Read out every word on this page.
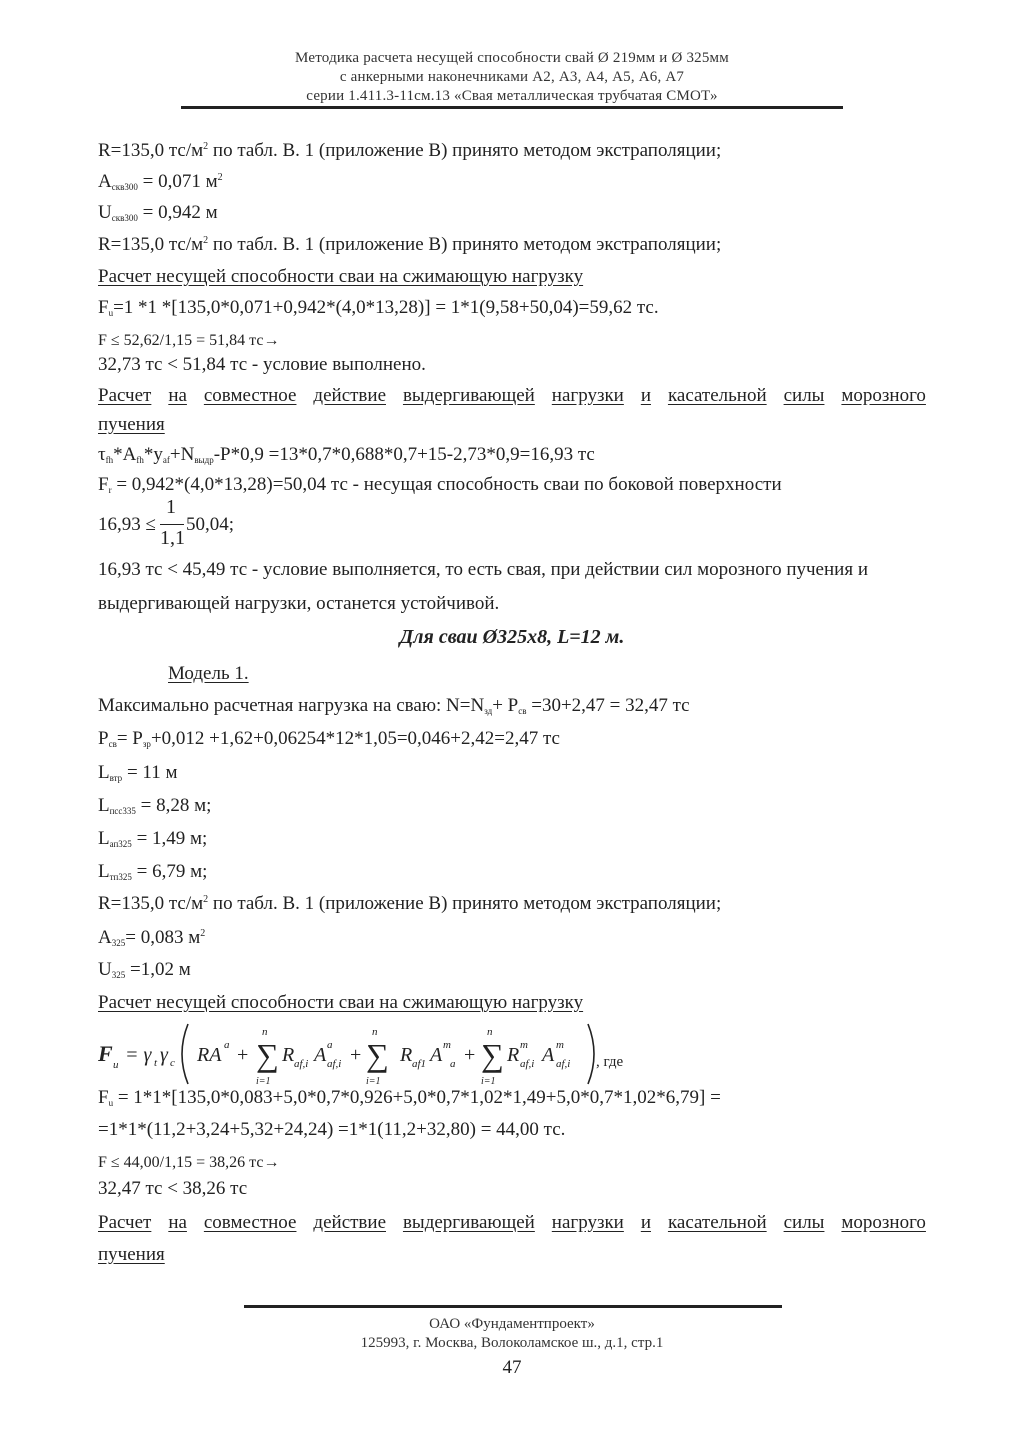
Методика расчета несущей способности свай Ø 219мм и Ø 325мм
с анкерными наконечниками А2, А3, А4, А5, А6, А7
серии 1.411.3-11см.13 «Свая металлическая трубчатая СМОТ»
R=135,0 $тс/м^2$ по табл. В. 1 (приложение В) принято методом экстраполяции;
$A_{скв300} = 0,071$ $м^2$
$U_{скв300} = 0,942$ м
R=135,0 $тс/м^2$ по табл. В. 1 (приложение В) принято методом экстраполяции;
Расчет несущей способности сваи на сжимающую нагрузку
$F_u=1$ *1 *[135,0*0,071+0,942*(4,0*13,28)] = 1*1(9,58+50,04)=59,62 тс.
F ≤ 52,62/1,15 = 51,84 тс→
32,73 тс < 51,84 тс - условие выполнено.
Расчет на совместное действие выдергивающей нагрузки и касательной силы морозного
пучения
$\tau_{fh}*A_{fh}*y_{af}+N_{выдр}-P*0,9 =13*0,7*0,688*0,7+15-2,73*0,9=16,93$ тс
$F_r = 0,942*(4,0*13,28)=50,04$ тс - несущая способность сваи по боковой поверхности
16,93 ≤
1
1,1
50,04;
16,93 тс < 45,49 тс - условие выполняется, то есть свая, при действии сил морозного пучения и
выдергивающей нагрузки, останется устойчивой.
Для сваи Ø325х8, L=12 м.
Модель 1.
Максимально расчетная нагрузка на сваю: $N=N_{зд}+ P_{св} =30+2,47 = 32,47$ тс
$P_{св}= P_{зр}+0,012 +1,62+0,06254*12*1,05=0,046+2,42=2,47$ тс
$L_{втр} = 11$ м
$L_{псс335} = 8,28$ м;
$L_{ап325} = 1,49$ м;
$L_{тп325} = 6,79$ м;
R=135,0 $тс/м^2$ по табл. В. 1 (приложение В) принято методом экстраполяции;
$A_{325}= 0,083$ $м^2$
$U_{325} =1,02$ м
Расчет несущей способности сваи на сжимающую нагрузку
F u = γ t γ c RA a + ∑
n
i=1
R af,i A a
af,i + ∑
n
i=1
R af1 A m
a + ∑
n
i=1
R m
af,i A m
af,i , где
$F_u = 1*1*[135,0*0,083+5,0*0,7*0,926+5,0*0,7*1,02*1,49+5,0*0,7*1,02*6,79]$ =
=1*1*(11,2+3,24+5,32+24,24) =1*1(11,2+32,80) = 44,00 тс.
F ≤ 44,00/1,15 = 38,26 тс→
32,47 тс < 38,26 тс
Расчет на совместное действие выдергивающей нагрузки и касательной силы морозного
пучения
ОАО «Фундаментпроект»
125993, г. Москва, Волоколамское ш., д.1, стр.1
47
